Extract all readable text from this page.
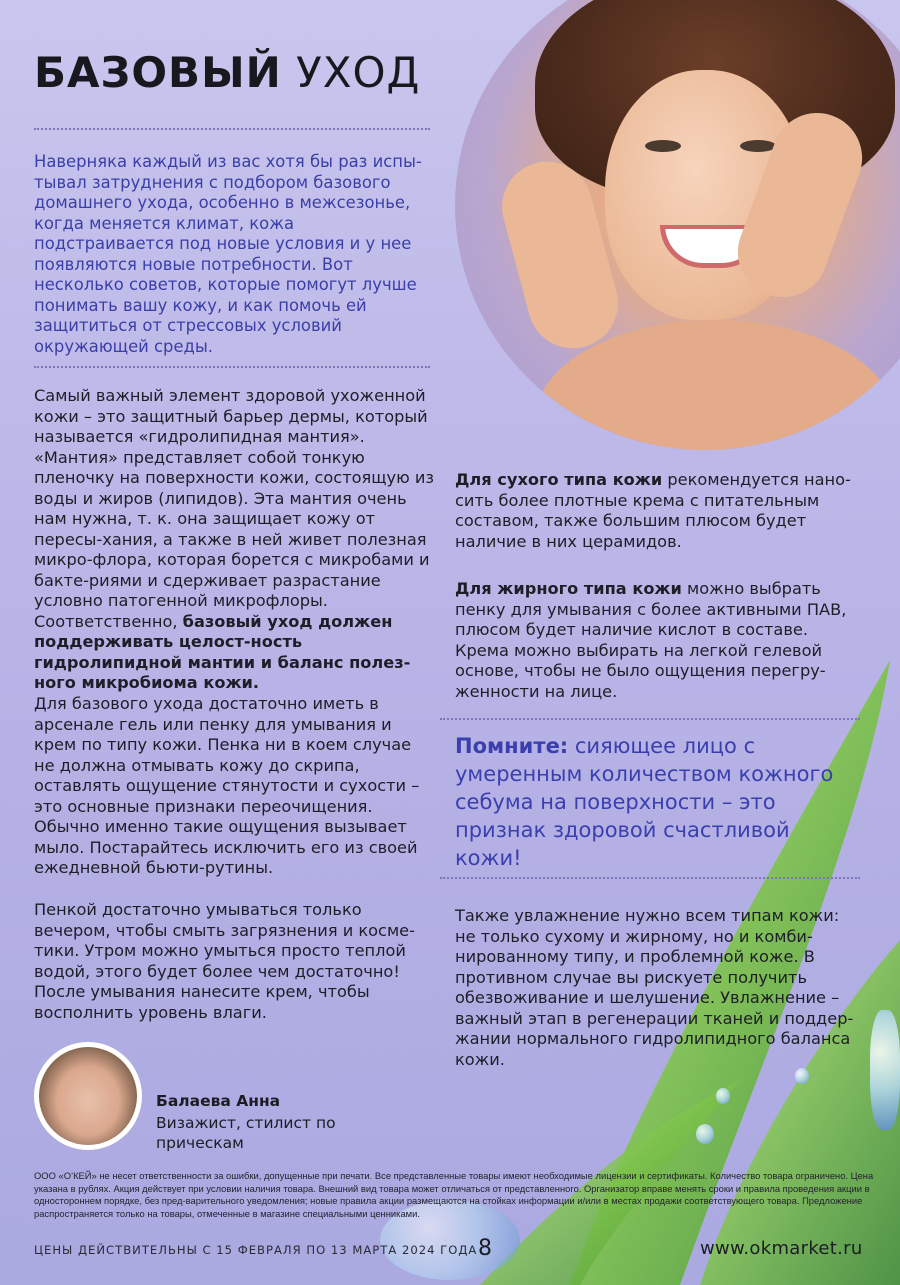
БАЗОВЫЙ УХОД
Наверняка каждый из вас хотя бы раз испы-тывал затруднения с подбором базового домашнего ухода, особенно в межсезонье, когда меняется климат, кожа подстраивается под новые условия и у нее появляются новые потребности. Вот несколько советов, которые помогут лучше понимать вашу кожу, и как помочь ей защититься от стрессовых условий окружающей среды.
Самый важный элемент здоровой ухоженной кожи – это защитный барьер дермы, который называется «гидролипидная мантия». «Мантия» представляет собой тонкую пленочку на поверхности кожи, состоящую из воды и жиров (липидов). Эта мантия очень нам нужна, т. к. она защищает кожу от пересы-хания, а также в ней живет полезная микро-флора, которая борется с микробами и бакте-риями и сдерживает разрастание условно патогенной микрофлоры. Соответственно, базовый уход должен поддерживать целост-ность гидролипидной мантии и баланс полез-ного микробиома кожи.
Для базового ухода достаточно иметь в арсенале гель или пенку для умывания и крем по типу кожи. Пенка ни в коем случае не должна отмывать кожу до скрипа, оставлять ощущение стянутости и сухости – это основные признаки переочищения. Обычно именно такие ощущения вызывает мыло. Постарайтесь исключить его из своей ежедневной бьюти-рутины.
Пенкой достаточно умываться только вечером, чтобы смыть загрязнения и косме-тики. Утром можно умыться просто теплой водой, этого будет более чем достаточно! После умывания нанесите крем, чтобы восполнить уровень влаги.
Для сухого типа кожи рекомендуется нано-сить более плотные крема с питательным составом, также большим плюсом будет наличие в них церамидов.
Для жирного типа кожи можно выбрать пенку для умывания с более активными ПАВ, плюсом будет наличие кислот в составе. Крема можно выбирать на легкой гелевой основе, чтобы не было ощущения перегру-женности на лице.
Помните: сияющее лицо с умеренным количеством кожного себума на поверхности – это признак здоровой счастливой кожи!
Также увлажнение нужно всем типам кожи: не только сухому и жирному, но и комби-нированному типу, и проблемной коже. В противном случае вы рискуете получить обезвоживание и шелушение. Увлажнение – важный этап в регенерации тканей и поддер-жании нормального гидролипидного баланса кожи.
Балаева Анна
Визажист, стилист по прическам
ООО «О’КЕЙ» не несет ответственности за ошибки, допущенные при печати. Все представленные товары имеют необходимые лицензии и сертификаты. Количество товара ограничено. Цена указана в рублях. Акция действует при условии наличия товара. Внешний вид товара может отличаться от представленного. Организатор вправе менять сроки и правила проведения акции в одностороннем порядке, без пред-варительного уведомления; новые правила акции размещаются на стойках информации и/или в местах продажи соответствующего товара. Предложение распространяется только на товары, отмеченные в магазине специальными ценниками.
ЦЕНЫ ДЕЙСТВИТЕЛЬНЫ С 15 ФЕВРАЛЯ ПО 13 МАРТА 2024 ГОДА 8	www.okmarket.ru
